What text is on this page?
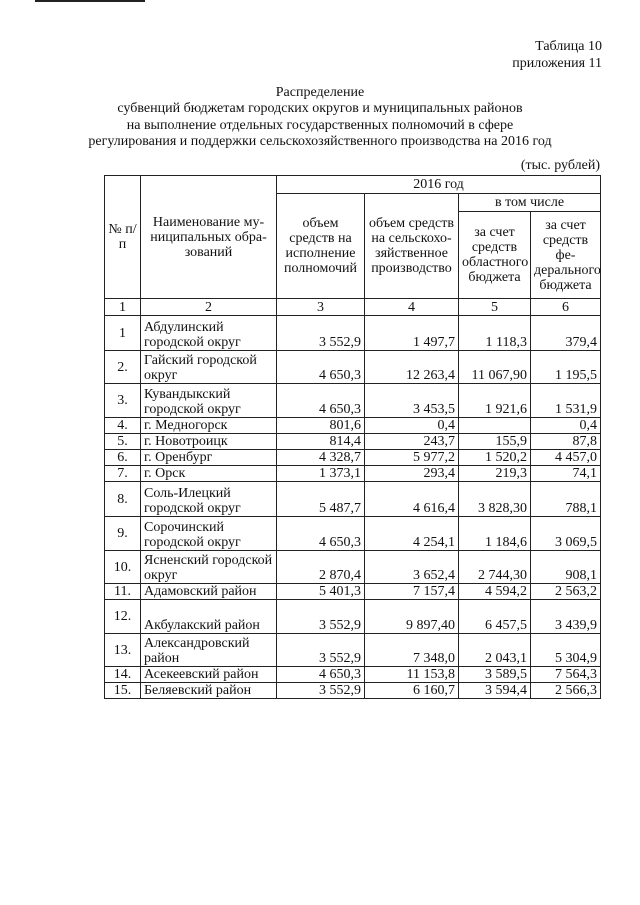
Таблица 10
приложения 11
Распределение
субвенций бюджетам городских округов и муниципальных районов
на выполнение отдельных государственных полномочий в сфере
регулирования и поддержки сельскохозяйственного производства на 2016 год
(тыс. рублей)
№ п/п	Наименование му-ниципальных обра-зований	2016 год			
		объем средств на исполнение полномочий	объем средств на сельскохо-зяйственное производство	в том числе	
				за счет средств областного бюджета	за счет средств фе-дерального бюджета
1	2	3	4	5	6
1	Абдулинский городской округ	3 552,9	1 497,7	1 118,3	379,4
2.	Гайский городской округ	4 650,3	12 263,4	11 067,90	1 195,5
3.	Кувандыкский городской округ	4 650,3	3 453,5	1 921,6	1 531,9
4.	г. Медногорск	801,6	0,4		0,4
5.	г. Новотроицк	814,4	243,7	155,9	87,8
6.	г. Оренбург	4 328,7	5 977,2	1 520,2	4 457,0
7.	г. Орск	1 373,1	293,4	219,3	74,1
8.	Соль-Илецкий городской округ	5 487,7	4 616,4	3 828,30	788,1
9.	Сорочинский городской округ	4 650,3	4 254,1	1 184,6	3 069,5
10.	Ясненский городской округ	2 870,4	3 652,4	2 744,30	908,1
11.	Адамовский район	5 401,3	7 157,4	4 594,2	2 563,2
12.	Акбулакский район	3 552,9	9 897,40	6 457,5	3 439,9
13.	Александровский район	3 552,9	7 348,0	2 043,1	5 304,9
14.	Асекеевский район	4 650,3	11 153,8	3 589,5	7 564,3
15.	Беляевский район	3 552,9	6 160,7	3 594,4	2 566,3
